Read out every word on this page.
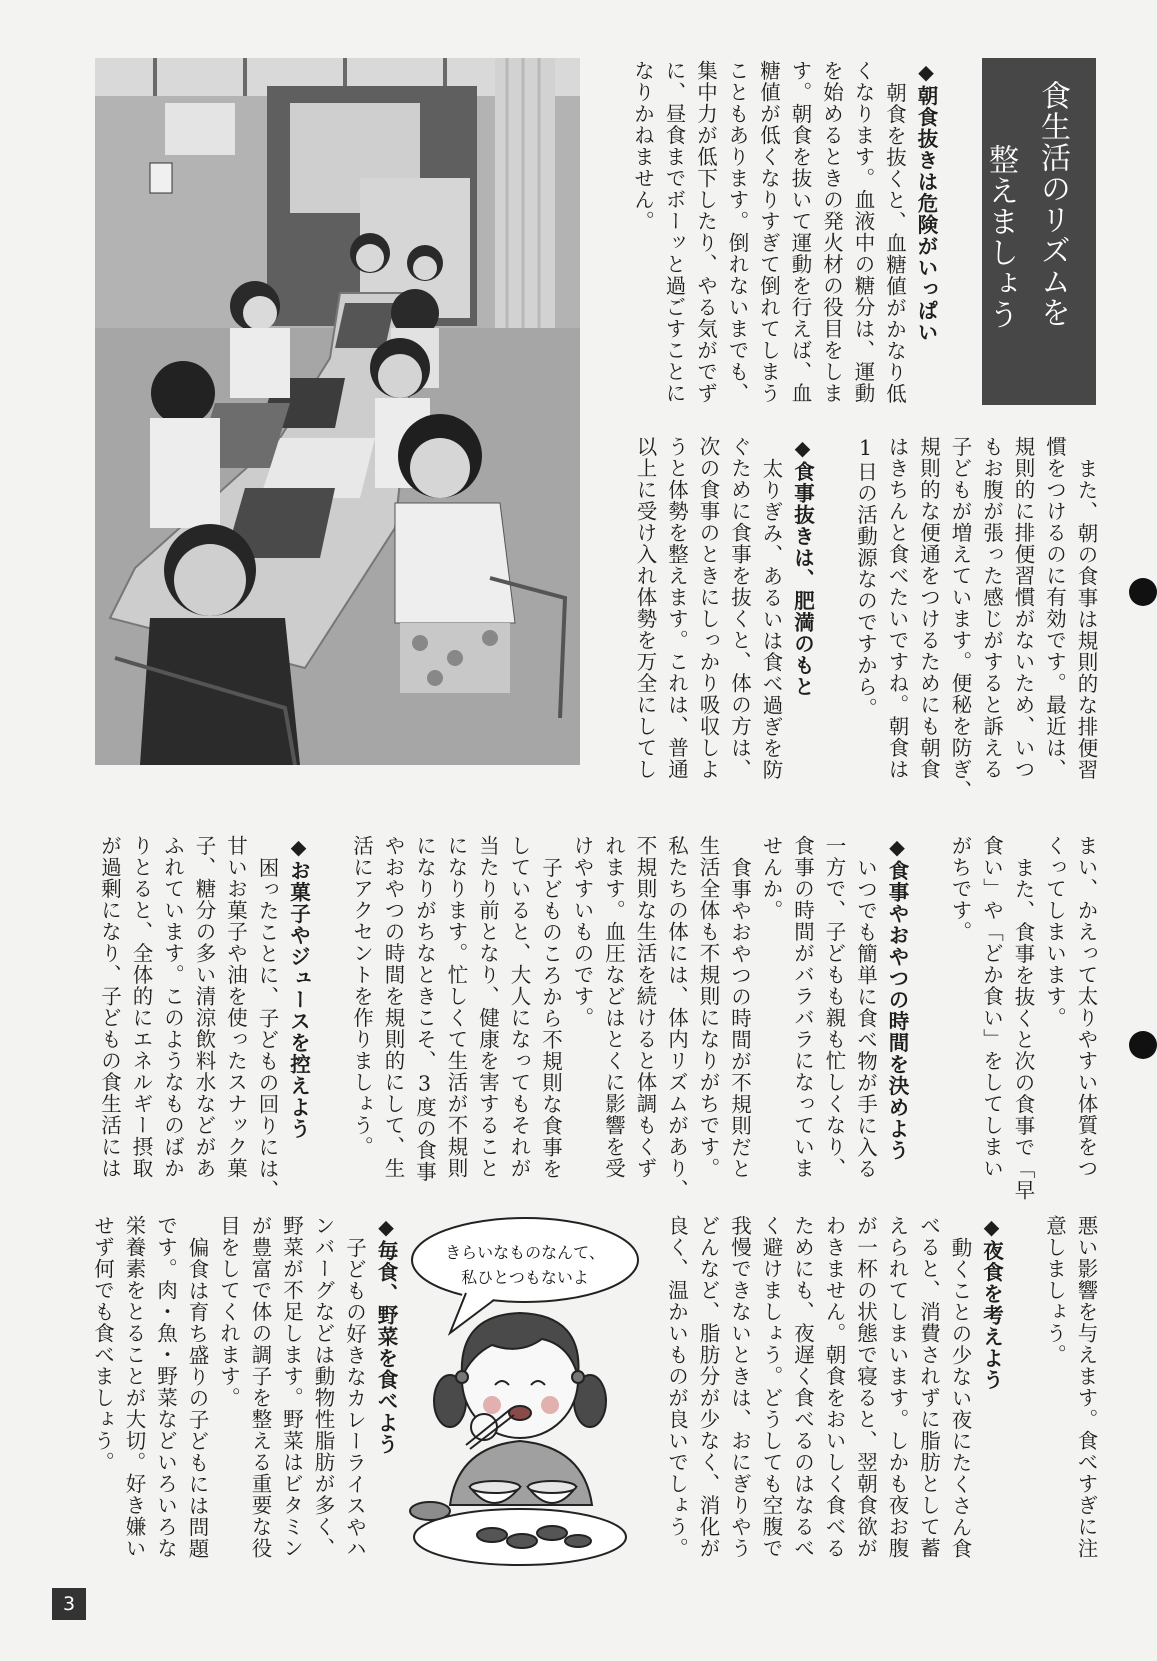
食生活のリズムを
整えましょう
◆朝食抜きは危険がいっぱい
朝食を抜くと、血糖値がかなり低
くなります。血液中の糖分は、運動
を始めるときの発火材の役目をしま
す。朝食を抜いて運動を行えば、血
糖値が低くなりすぎて倒れてしまう
こともあります。倒れないまでも、
集中力が低下したり、やる気がでず
に、昼食までボーッと過ごすことに
なりかねません。
また、朝の食事は規則的な排便習
慣をつけるのに有効です。最近は、
規則的に排便習慣がないため、いつ
もお腹が張った感じがすると訴える
子どもが増えています。便秘を防ぎ、
規則的な便通をつけるためにも朝食
はきちんと食べたいですね。朝食は
1日の活動源なのですから。
◆食事抜きは、肥満のもと
太りぎみ、あるいは食べ過ぎを防
ぐために食事を抜くと、体の方は、
次の食事のときにしっかり吸収しよ
うと体勢を整えます。これは、普通
以上に受け入れ体勢を万全にしてし
まい、かえって太りやすい体質をつ
くってしまいます。
また、食事を抜くと次の食事で「早
食い」や「どか食い」をしてしまい
がちです。
◆食事やおやつの時間を決めよう
いつでも簡単に食べ物が手に入る
一方で、子どもも親も忙しくなり、
食事の時間がバラバラになっていま
せんか。
食事やおやつの時間が不規則だと
生活全体も不規則になりがちです。
私たちの体には、体内リズムがあり、
不規則な生活を続けると体調もくず
れます。血圧などはとくに影響を受
けやすいものです。
子どものころから不規則な食事を
していると、大人になってもそれが
当たり前となり、健康を害すること
になります。忙しくて生活が不規則
になりがちなときこそ、3度の食事
やおやつの時間を規則的にして、生
活にアクセントを作りましょう。
◆お菓子やジュースを控えよう
困ったことに、子どもの回りには、
甘いお菓子や油を使ったスナック菓
子、糖分の多い清涼飲料水などがあ
ふれています。このようなものばか
りとると、全体的にエネルギー摂取
が過剰になり、子どもの食生活には
悪い影響を与えます。食べすぎに注
意しましょう。
◆夜食を考えよう
動くことの少ない夜にたくさん食
べると、消費されずに脂肪として蓄
えられてしまいます。しかも夜お腹
が一杯の状態で寝ると、翌朝食欲が
わきません。朝食をおいしく食べる
ためにも、夜遅く食べるのはなるべ
く避けましょう。どうしても空腹で
我慢できないときは、おにぎりやう
どんなど、脂肪分が少なく、消化が
良く、温かいものが良いでしょう。
◆毎食、野菜を食べよう
子どもの好きなカレーライスやハ
ンバーグなどは動物性脂肪が多く、
野菜が不足します。野菜はビタミン
が豊富で体の調子を整える重要な役
目をしてくれます。
偏食は育ち盛りの子どもには問題
です。肉・魚・野菜などいろいろな
栄養素をとることが大切。好き嫌い
せず何でも食べましょう。	きらいなものなんて、
私ひとつもないよ
3
